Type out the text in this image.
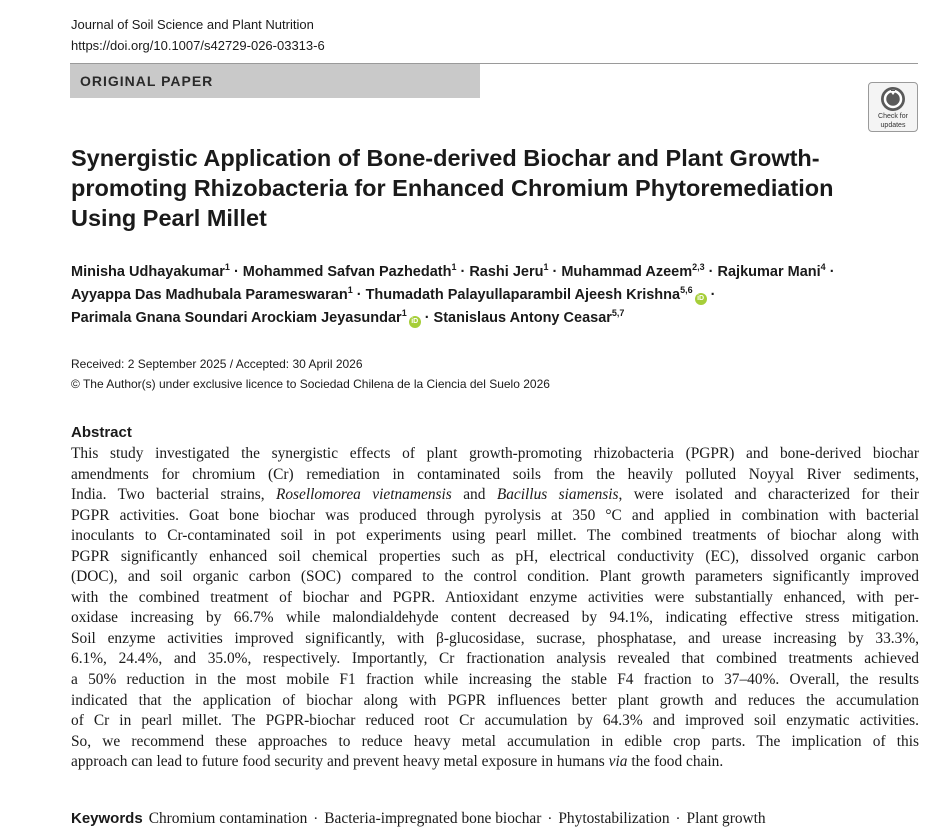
Journal of Soil Science and Plant Nutrition
https://doi.org/10.1007/s42729-026-03313-6
ORIGINAL PAPER
Check for
updates
Synergistic Application of Bone-derived Biochar and Plant Growth-
promoting Rhizobacteria for Enhanced Chromium Phytoremediation
Using Pearl Millet
Minisha Udhayakumar$^1$ · Mohammed Safvan Pazhedath$^1$ · Rashi Jeru$^1$ · Muhammad Azeem$^{2,3}$ · Rajkumar Mani$^4$ ·
Ayyappa Das Madhubala Parameswaran$^1$ · Thumadath Palayullaparambil Ajeesh Krishna$^{5,6}$iD ·
Parimala Gnana Soundari Arockiam Jeyasundar$^1$iD · Stanislaus Antony Ceasar$^{5,7}$
Received: 2 September 2025 / Accepted: 30 April 2026
© The Author(s) under exclusive licence to Sociedad Chilena de la Ciencia del Suelo 2026
Abstract
This study investigated the synergistic effects of plant growth-promoting rhizobacteria (PGPR) and bone-derived biochar
amendments for chromium (Cr) remediation in contaminated soils from the heavily polluted Noyyal River sediments,
India. Two bacterial strains, Rosellomorea vietnamensis and Bacillus siamensis, were isolated and characterized for their
PGPR activities. Goat bone biochar was produced through pyrolysis at 350 °C and applied in combination with bacterial
inoculants to Cr-contaminated soil in pot experiments using pearl millet. The combined treatments of biochar along with
PGPR significantly enhanced soil chemical properties such as pH, electrical conductivity (EC), dissolved organic carbon
(DOC), and soil organic carbon (SOC) compared to the control condition. Plant growth parameters significantly improved
with the combined treatment of biochar and PGPR. Antioxidant enzyme activities were substantially enhanced, with per-
oxidase increasing by 66.7% while malondialdehyde content decreased by 94.1%, indicating effective stress mitigation.
Soil enzyme activities improved significantly, with β-glucosidase, sucrase, phosphatase, and urease increasing by 33.3%,
6.1%, 24.4%, and 35.0%, respectively. Importantly, Cr fractionation analysis revealed that combined treatments achieved
a 50% reduction in the most mobile F1 fraction while increasing the stable F4 fraction to 37–40%. Overall, the results
indicated that the application of biochar along with PGPR influences better plant growth and reduces the accumulation
of Cr in pearl millet. The PGPR-biochar reduced root Cr accumulation by 64.3% and improved soil enzymatic activities.
So, we recommend these approaches to reduce heavy metal accumulation in edible crop parts. The implication of this
approach can lead to future food security and prevent heavy metal exposure in humans via the food chain.
Keywords Chromium contamination · Bacteria-impregnated bone biochar · Phytostabilization · Plant growth
